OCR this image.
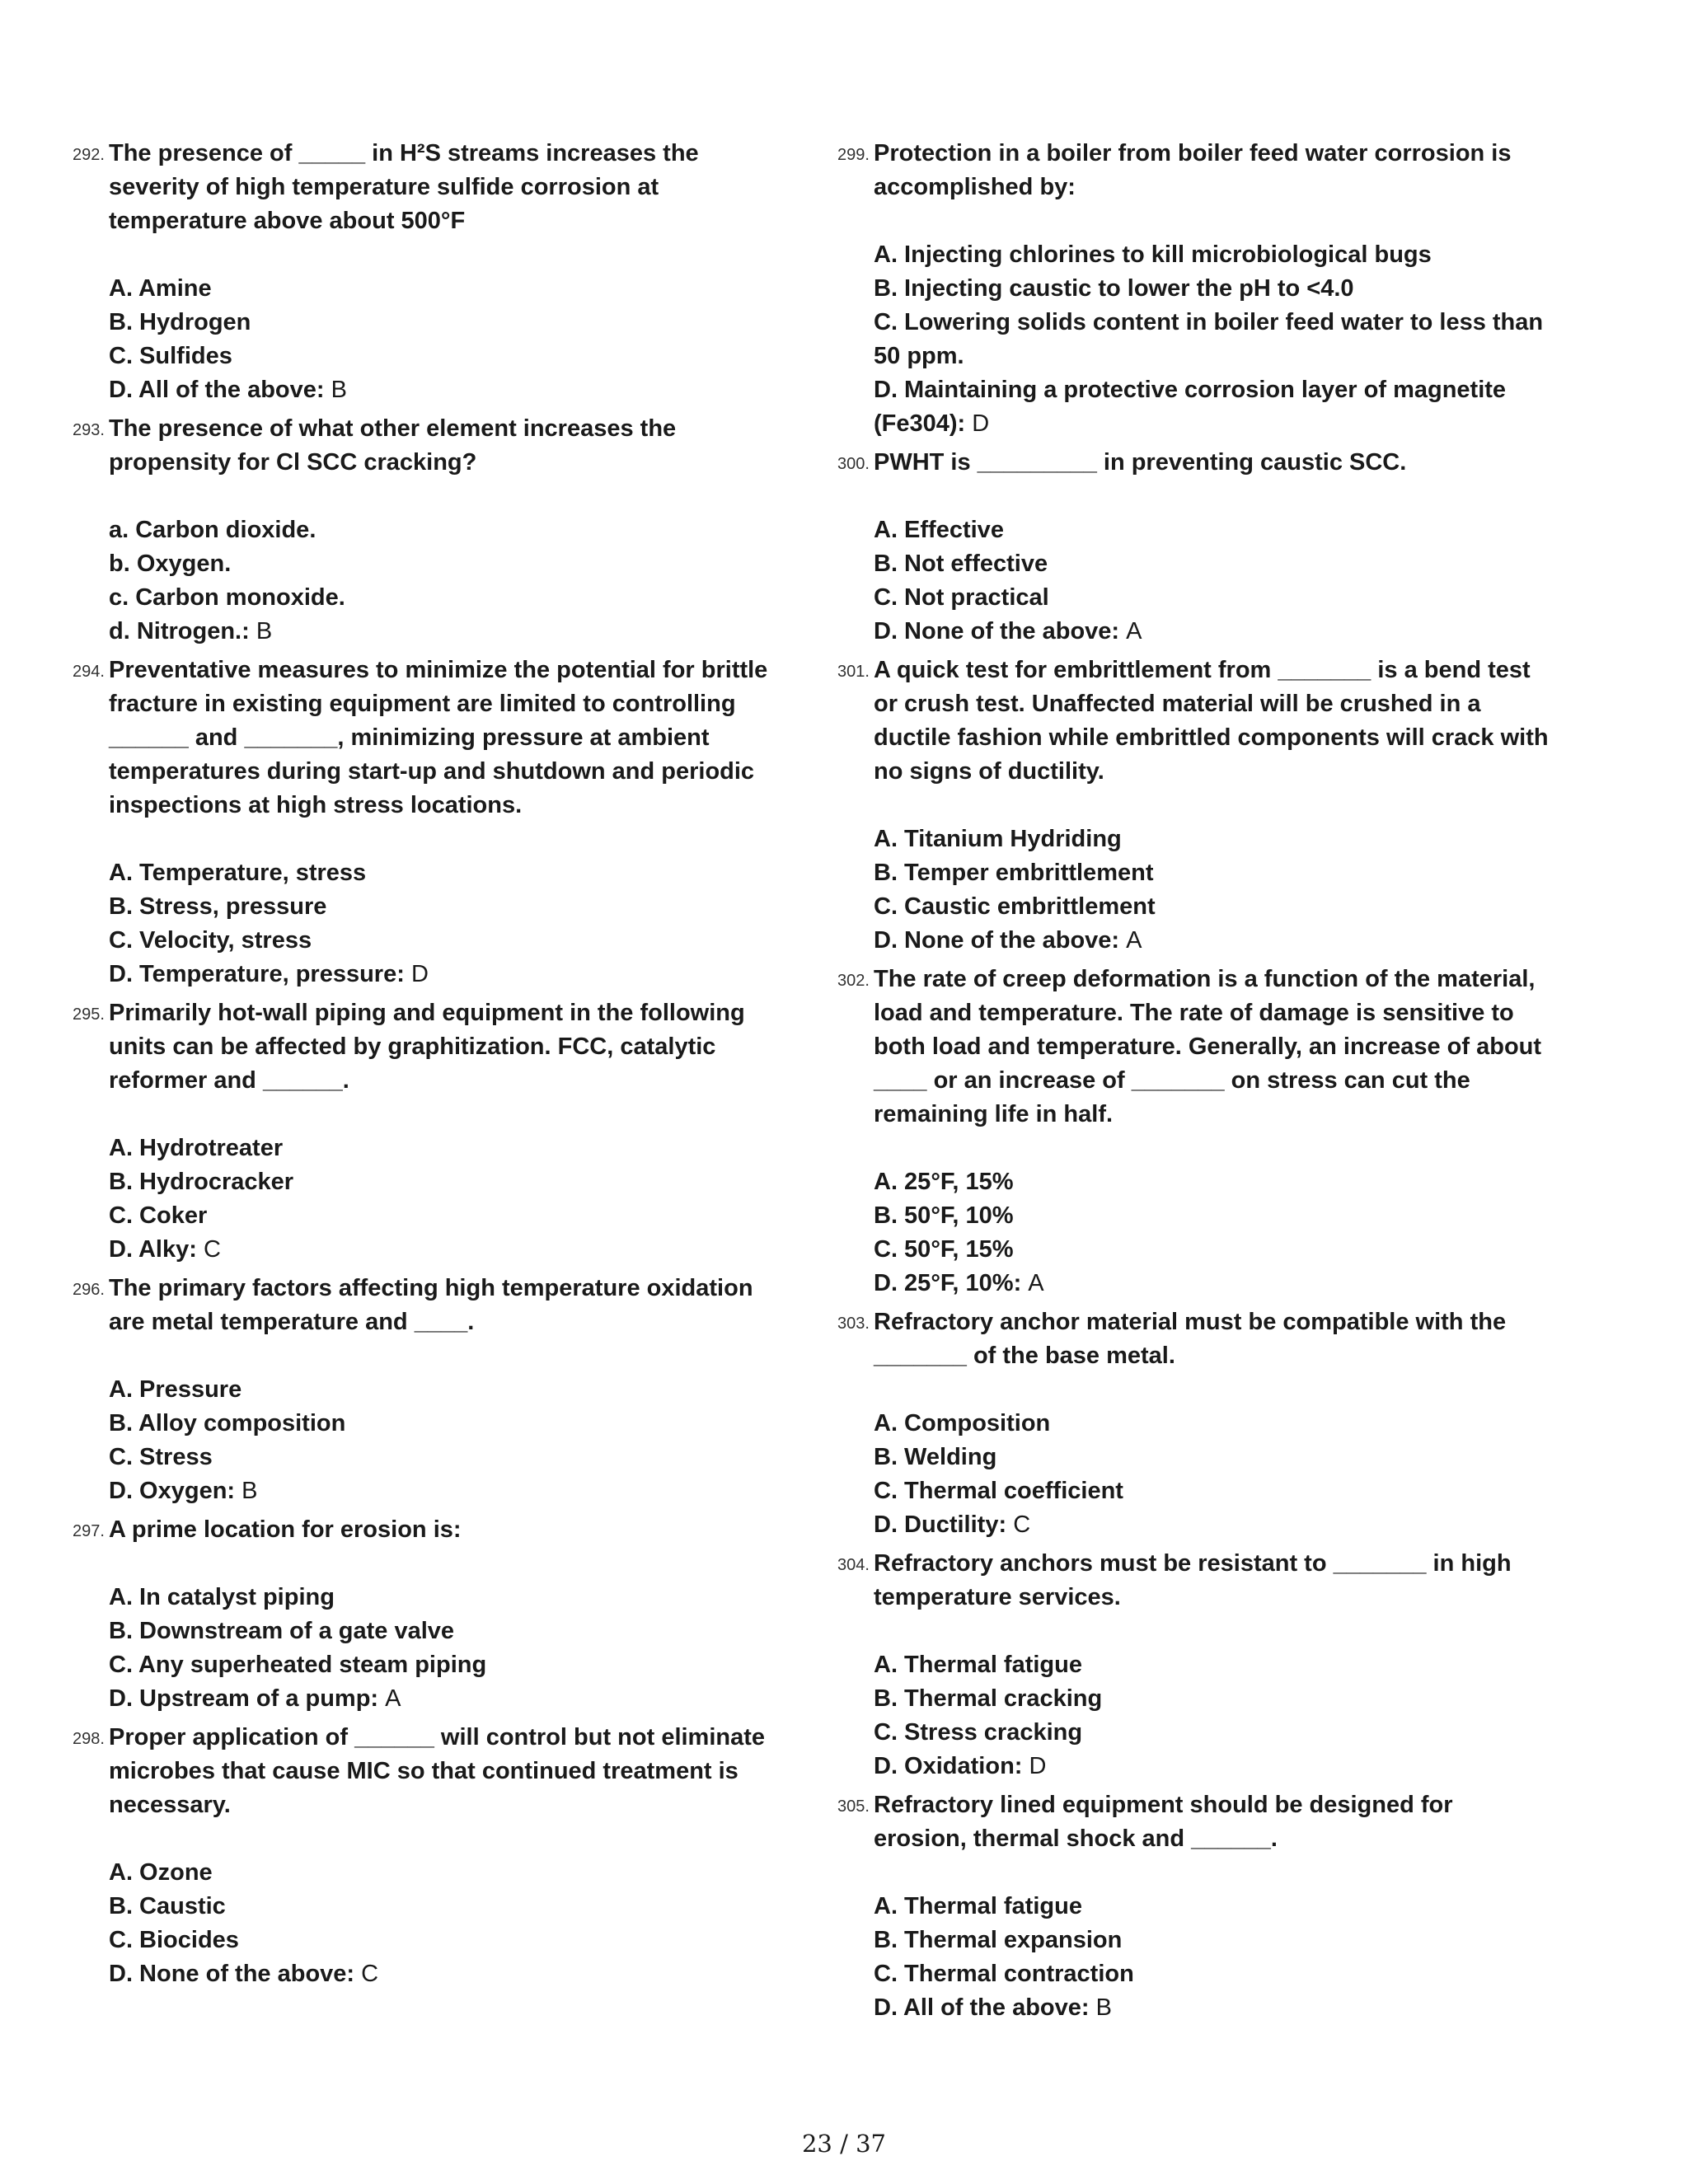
292. The presence of _____ in H²S streams increases the
severity of high temperature sulfide corrosion at
temperature above about 500°F
A. Amine
B. Hydrogen
C. Sulfides
D. All of the above: B
293. The presence of what other element increases the
propensity for Cl SCC cracking?
a. Carbon dioxide.
b. Oxygen.
c. Carbon monoxide.
d. Nitrogen.: B
294. Preventative measures to minimize the potential for brittle
fracture in existing equipment are limited to controlling
______ and _______, minimizing pressure at ambient
temperatures during start-up and shutdown and periodic
inspections at high stress locations.
A. Temperature, stress
B. Stress, pressure
C. Velocity, stress
D. Temperature, pressure: D
295. Primarily hot-wall piping and equipment in the following
units can be affected by graphitization. FCC, catalytic
reformer and ______.
A. Hydrotreater
B. Hydrocracker
C. Coker
D. Alky: C
296. The primary factors affecting high temperature oxidation
are metal temperature and ____.
A. Pressure
B. Alloy composition
C. Stress
D. Oxygen: B
297. A prime location for erosion is:
A. In catalyst piping
B. Downstream of a gate valve
C. Any superheated steam piping
D. Upstream of a pump: A
298. Proper application of ______ will control but not eliminate
microbes that cause MIC so that continued treatment is
necessary.
A. Ozone
B. Caustic
C. Biocides
D. None of the above: C
299. Protection in a boiler from boiler feed water corrosion is
accomplished by:
A. Injecting chlorines to kill microbiological bugs
B. Injecting caustic to lower the pH to <4.0
C. Lowering solids content in boiler feed water to less than
50 ppm.
D. Maintaining a protective corrosion layer of magnetite
(Fe304): D
300. PWHT is _________ in preventing caustic SCC.
A. Effective
B. Not effective
C. Not practical
D. None of the above: A
301. A quick test for embrittlement from _______ is a bend test
or crush test. Unaffected material will be crushed in a
ductile fashion while embrittled components will crack with
no signs of ductility.
A. Titanium Hydriding
B. Temper embrittlement
C. Caustic embrittlement
D. None of the above: A
302. The rate of creep deformation is a function of the material,
load and temperature. The rate of damage is sensitive to
both load and temperature. Generally, an increase of about
____ or an increase of _______ on stress can cut the
remaining life in half.
A. 25°F, 15%
B. 50°F, 10%
C. 50°F, 15%
D. 25°F, 10%: A
303. Refractory anchor material must be compatible with the
_______ of the base metal.
A. Composition
B. Welding
C. Thermal coefficient
D. Ductility: C
304. Refractory anchors must be resistant to _______ in high
temperature services.
A. Thermal fatigue
B. Thermal cracking
C. Stress cracking
D. Oxidation: D
305. Refractory lined equipment should be designed for
erosion, thermal shock and ______.
A. Thermal fatigue
B. Thermal expansion
C. Thermal contraction
D. All of the above: B
23 / 37
